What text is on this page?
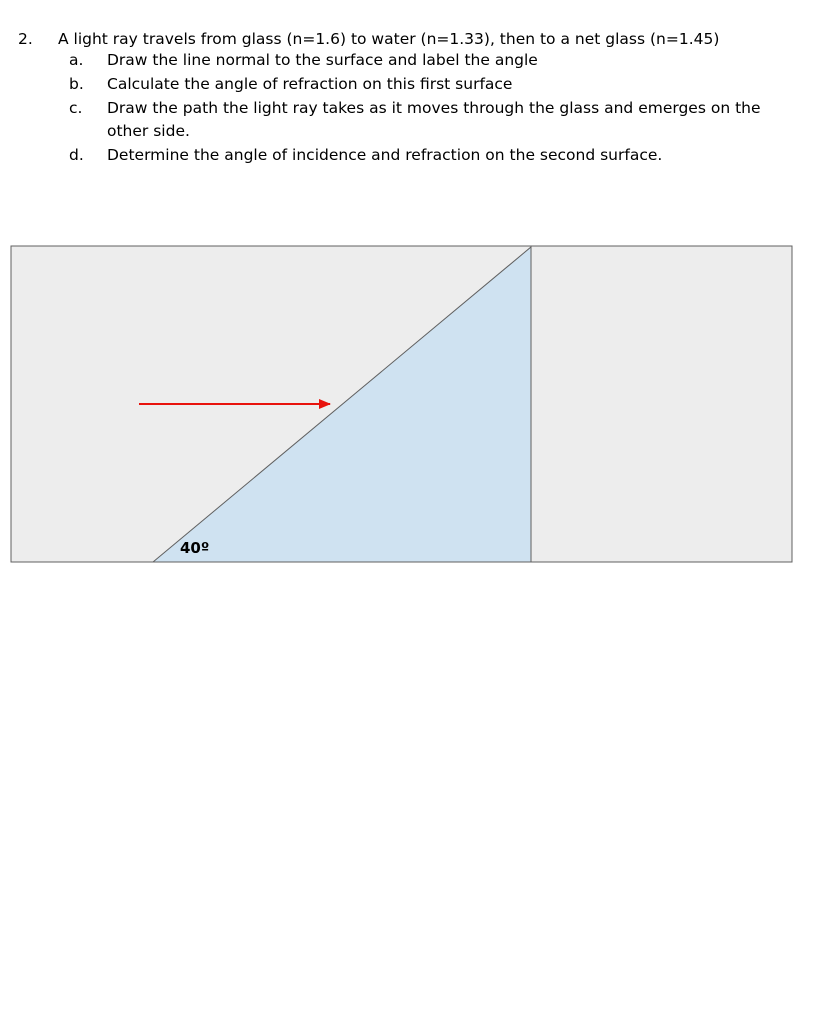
2. A light ray travels from glass (n=1.6) to water (n=1.33), then to a net glass (n=1.45)
a. Draw the line normal to the surface and label the angle
b. Calculate the angle of refraction on this first surface
c. Draw the path the light ray takes as it moves through the glass and emerges on the other side.
d. Determine the angle of incidence and refraction on the second surface.
40º
